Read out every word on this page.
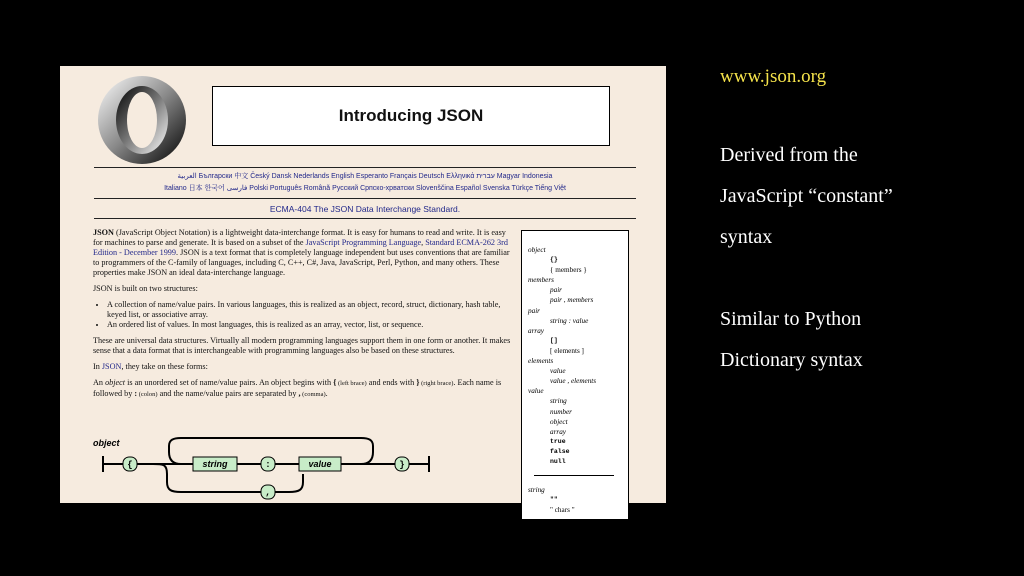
Introducing JSON
العربية Български 中文 Český Dansk Nederlands English Esperanto Français Deutsch Ελληνικά עברית Magyar Indonesia
Italiano 日本 한국어 فارسی Polski Português Română Русский Српско-хрватски Slovenščina Español Svenska Türkçe Tiếng Việt
ECMA-404 The JSON Data Interchange Standard.

JSON (JavaScript Object Notation) is a lightweight data-interchange format. It is easy for humans to read and write. It is easy for machines to parse and generate. It is based on a subset of the JavaScript Programming Language, Standard ECMA-262 3rd Edition - December 1999. JSON is a text format that is completely language independent but uses conventions that are familiar to programmers of the C-family of languages, including C, C++, C#, Java, JavaScript, Perl, Python, and many others. These properties make JSON an ideal data-interchange language.

JSON is built on two structures:

• A collection of name/value pairs. In various languages, this is realized as an object, record, struct, dictionary, hash table, keyed list, or associative array.
• An ordered list of values. In most languages, this is realized as an array, vector, list, or sequence.

These are universal data structures. Virtually all modern programming languages support them in one form or another. It makes sense that a data format that is interchangeable with programming languages also be based on these structures.

In JSON, they take on these forms:

An object is an unordered set of name/value pairs. An object begins with { (left brace) and ends with } (right brace). Each name is followed by : (colon) and the name/value pairs are separated by , (comma).

object
{}
{ members }
members
pair
pair , members
pair
string : value
array
[]
[ elements ]
elements
value
value , elements
value
string
number
object
array
true
false
null
string
""
" chars "
object
{	string	:	value	}
,
www.json.org
Derived from the
JavaScript “constant”
syntax
Similar to Python
Dictionary syntax
